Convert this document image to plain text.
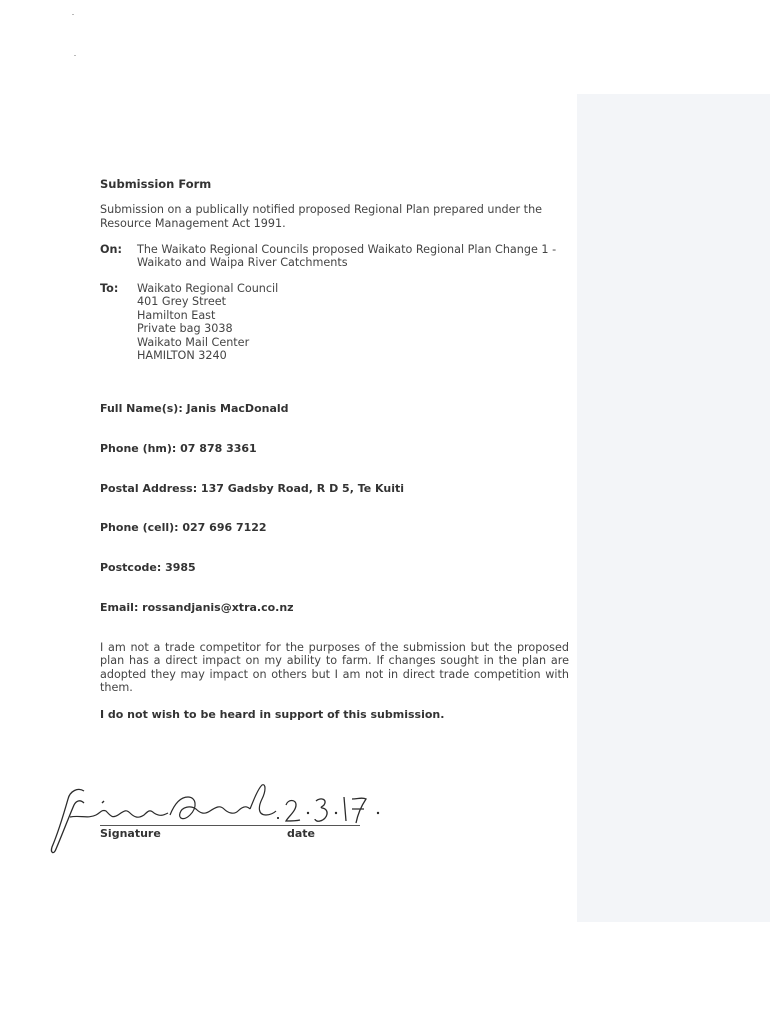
Submission Form
Submission on a publically notified proposed Regional Plan prepared under the Resource Management Act 1991.
On: The Waikato Regional Councils proposed Waikato Regional Plan Change 1 - Waikato and Waipa River Catchments
To: Waikato Regional Council
401 Grey Street
Hamilton East
Private bag 3038
Waikato Mail Center
HAMILTON 3240
Full Name(s): Janis MacDonald
Phone (hm): 07 878 3361
Postal Address: 137 Gadsby Road, R D 5, Te Kuiti
Phone (cell): 027 696 7122
Postcode: 3985
Email: rossandjanis@xtra.co.nz
I am not a trade competitor for the purposes of the submission but the proposed plan has a direct impact on my ability to farm. If changes sought in the plan are adopted they may impact on others but I am not in direct trade competition with them.
I do not wish to be heard in support of this submission.
Signature	date
